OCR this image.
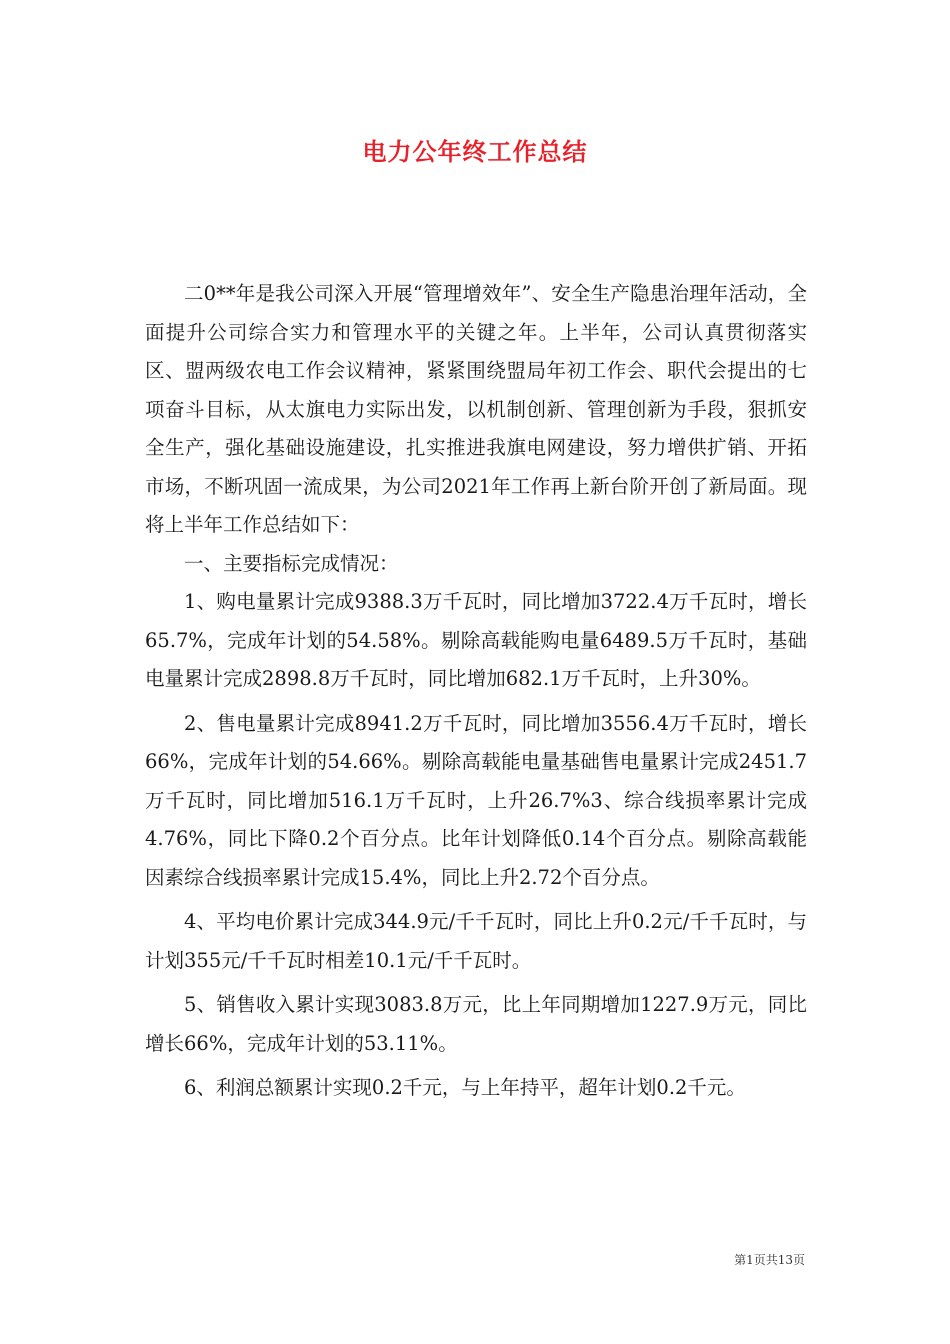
电力公年终工作总结

二0**年是我公司深入开展“管理增效年”、安全生产隐患治理年活动，全面提升公司综合实力和管理水平的关键之年。上半年，公司认真贯彻落实区、盟两级农电工作会议精神，紧紧围绕盟局年初工作会、职代会提出的七项奋斗目标，从太旗电力实际出发，以机制创新、管理创新为手段，狠抓安全生产，强化基础设施建设，扎实推进我旗电网建设，努力增供扩销、开拓市场，不断巩固一流成果，为公司2021年工作再上新台阶开创了新局面。现将上半年工作总结如下：

一、主要指标完成情况：

1、购电量累计完成9388.3万千瓦时，同比增加3722.4万千瓦时，增长65.7%，完成年计划的54.58%。剔除高载能购电量6489.5万千瓦时，基础电量累计完成2898.8万千瓦时，同比增加682.1万千瓦时，上升30%。

2、售电量累计完成8941.2万千瓦时，同比增加3556.4万千瓦时，增长66%，完成年计划的54.66%。剔除高载能电量基础售电量累计完成2451.7万千瓦时，同比增加516.1万千瓦时，上升26.7%3、综合线损率累计完成4.76%，同比下降0.2个百分点。比年计划降低0.14个百分点。剔除高载能因素综合线损率累计完成15.4%，同比上升2.72个百分点。

4、平均电价累计完成344.9元/千千瓦时，同比上升0.2元/千千瓦时，与计划355元/千千瓦时相差10.1元/千千瓦时。

5、销售收入累计实现3083.8万元，比上年同期增加1227.9万元，同比增长66%，完成年计划的53.11%。

6、利润总额累计实现0.2千元，与上年持平，超年计划0.2千元。

第1页共13页
